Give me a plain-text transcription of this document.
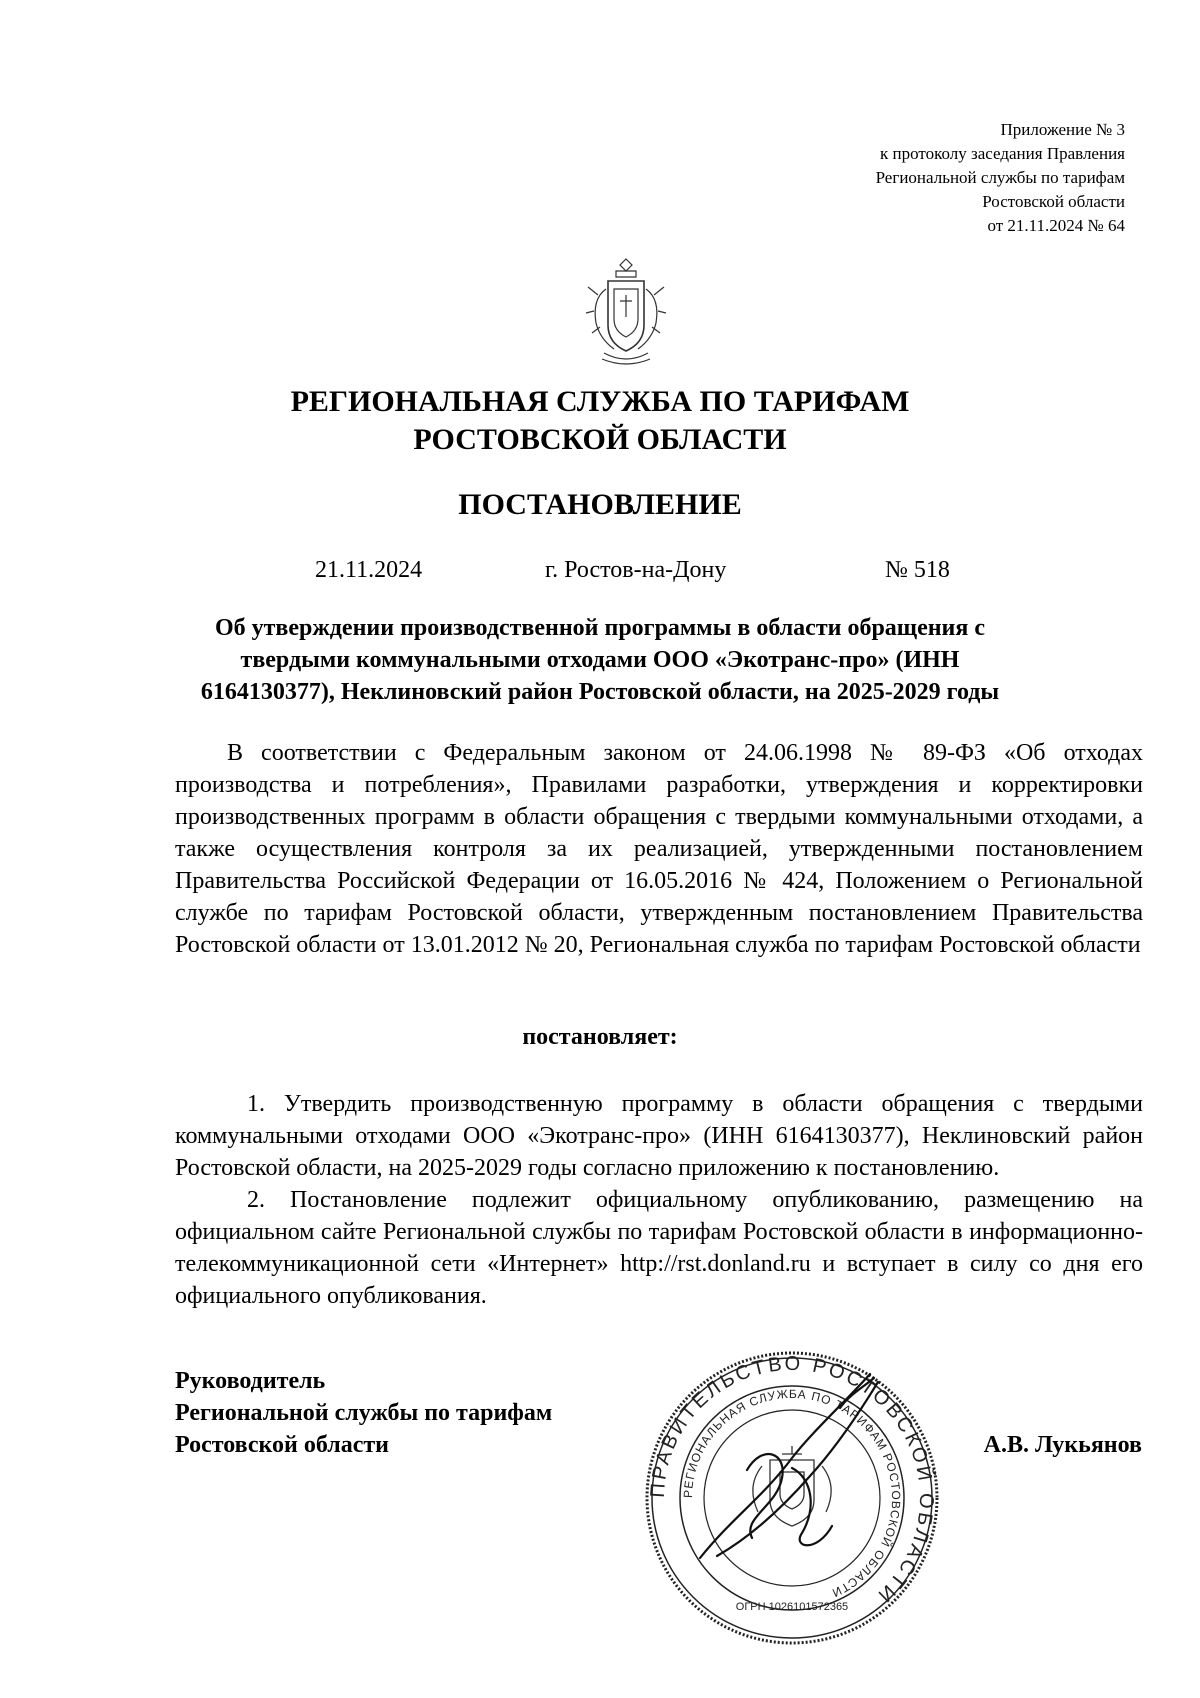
Приложение № 3
к протоколу заседания Правления
Региональной службы по тарифам
Ростовской области
от 21.11.2024 № 64
РЕГИОНАЛЬНАЯ СЛУЖБА ПО ТАРИФАМ
РОСТОВСКОЙ ОБЛАСТИ
ПОСТАНОВЛЕНИЕ
21.11.2024	г. Ростов-на-Дону	№ 518
Об утверждении производственной программы в области обращения с
твердыми коммунальными отходами ООО «Экотранс-про» (ИНН
6164130377), Неклиновский район Ростовской области, на 2025-2029 годы

В соответствии с Федеральным законом от 24.06.1998 № 89-ФЗ «Об отходах производства и потребления», Правилами разработки, утверждения и корректировки производственных программ в области обращения с твердыми коммунальными отходами, а также осуществления контроля за их реализацией, утвержденными постановлением Правительства Российской Федерации от 16.05.2016 № 424, Положением о Региональной службе по тарифам Ростовской области, утвержденным постановлением Правительства Ростовской области от 13.01.2012 № 20, Региональная служба по тарифам Ростовской области

постановляет:

1. Утвердить производственную программу в области обращения с твердыми коммунальными отходами ООО «Экотранс-про» (ИНН 6164130377), Неклиновский район Ростовской области, на 2025-2029 годы согласно приложению к постановлению.

2. Постановление подлежит официальному опубликованию, размещению на официальном сайте Региональной службы по тарифам Ростовской области в информационно-телекоммуникационной сети «Интернет» http://rst.donland.ru и вступает в силу со дня его официального опубликования.

Руководитель
Региональной службы по тарифам
Ростовской области
ПРАВИТЕЛЬСТВО РОСТОВСКОЙ ОБЛАСТИ
РЕГИОНАЛЬНАЯ СЛУЖБА ПО ТАРИФАМ РОСТОВСКОЙ ОБЛАСТИ
ОГРН 1026101572365
А.В. Лукьянов
